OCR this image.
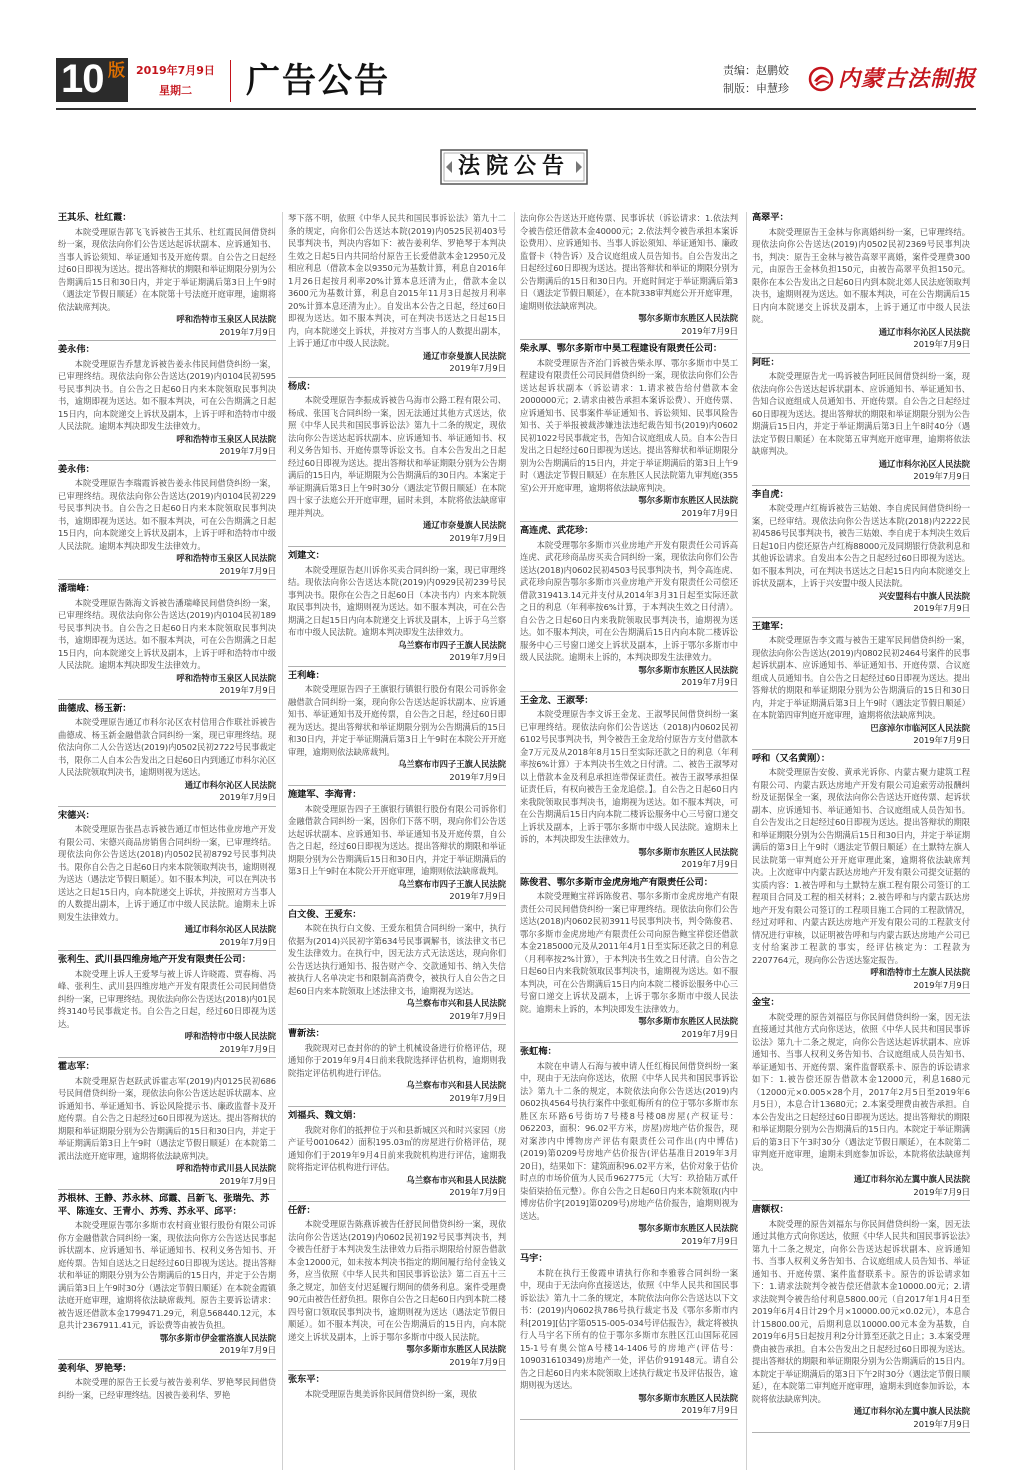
10 版 2019年7月9日
星期二 广告公告	责编：赵鹏姣
制版：申慧珍 内蒙古法制报
法院公告

王其乐、杜红霞：

本院受理原告郭飞飞诉被告王其乐、杜红霞民间借贷纠纷一案，现依法向你们公告送达起诉状副本、应诉通知书、当事人诉讼须知、举证通知书及开庭传票。自公告之日起经过60日即视为送达。提出答辩状的期限和举证期限分别为公告期满后15日和30日内，并定于举证期满后第3日上午9时（遇法定节假日顺延）在本院第十号法庭开庭审理，逾期将依法缺席判决。

呼和浩特市玉泉区人民法院

2019年7月9日

姜永伟：

本院受理原告乔慧龙诉被告姜永伟民间借贷纠纷一案，已审理终结。现依法向你公告送达(2019)内0104民初595号民事判决书。自公告之日起60日内来本院领取民事判决书，逾期即视为送达。如不服本判决，可在公告期满之日起15日内，向本院递交上诉状及副本，上诉于呼和浩特市中级人民法院。逾期本判决即发生法律效力。

呼和浩特市玉泉区人民法院

2019年7月9日

姜永伟：

本院受理原告李瑞霞诉被告姜永伟民间借贷纠纷一案，已审理终结。现依法向你公告送达(2019)内0104民初229号民事判决书。自公告之日起60日内来本院领取民事判决书，逾期即视为送达。如不服本判决，可在公告期满之日起15日内，向本院递交上诉状及副本，上诉于呼和浩特市中级人民法院。逾期本判决即发生法律效力。

呼和浩特市玉泉区人民法院

2019年7月9日

潘瑞峰：

本院受理原告陈海文诉被告潘瑞峰民间借贷纠纷一案，已审理终结。现依法向你公告送达(2019)内0104民初189号民事判决书。自公告之日起60日内来本院领取民事判决书，逾期即视为送达。如不服本判决，可在公告期满之日起15日内，向本院递交上诉状及副本，上诉于呼和浩特市中级人民法院。逾期本判决即发生法律效力。

呼和浩特市玉泉区人民法院

2019年7月9日

曲德成、杨玉新：

本院受理原告通辽市科尔沁区农村信用合作联社诉被告曲德成、杨玉新金融借款合同纠纷一案，现已审理终结。现依法向你二人公告送达(2019)内0502民初2722号民事裁定书，限你二人自本公告发出之日起60日内到通辽市科尔沁区人民法院领取判决书，逾期则视为送达。

通辽市科尔沁区人民法院

2019年7月9日

宋德兴：

本院受理原告张昌志诉被告通辽市恒达伟业房地产开发有限公司、宋德兴商品房销售合同纠纷一案，已审理终结。现依法向你公告送达(2018)内0502民初8792号民事判决书。限你自公告之日起60日内来本院领取判决书，逾期则视为送达（遇法定节假日顺延）。如不服本判决，可以在判决书送达之日起15日内，向本院递交上诉状，并按照对方当事人的人数提出副本，上诉于通辽市中级人民法院。逾期未上诉则发生法律效力。

通辽市科尔沁区人民法院

2019年7月9日

张利生、武川县四维房地产开发有限责任公司：

本院受理上诉人王爱琴与被上诉人许晓霞、贾春梅、冯峰、张利生、武川县四维房地产开发有限责任公司民间借贷纠纷一案，已审理终结。现依法向你公告送达(2018)内01民终3140号民事裁定书。自公告之日起，经过60日即视为送达。

呼和浩特市中级人民法院

2019年7月9日

霍志军：

本院受理原告赵跃武诉霍志军(2019)内0125民初686号民间借贷纠纷一案，现依法向你公告送达起诉状副本、应诉通知书、举证通知书、诉讼风险提示书、廉政监督卡及开庭传票。自公告之日起经过60日即视为送达。提出答辩状的期限和举证期限分别为公告期满后的15日和30日内，并定于举证期满后第3日上午9时（遇法定节假日顺延）在本院第二派出法庭开庭审理，逾期将依法缺席判决。

呼和浩特市武川县人民法院

2019年7月9日

苏根林、王静、苏永林、邱霞、吕新飞、张瑞先、苏平、陈连女、王青小、苏秀、苏永平、邱平：

本院受理原告鄂尔多斯市农村商业银行股份有限公司诉你方金融借款合同纠纷一案，现依法向你方公告送达民事起诉状副本、应诉通知书、举证通知书、权利义务告知书、开庭传票。告知自送达之日起经过60日即视为送达。提出答辩状和举证的期限分别为公告期满后的15日内，并定于公告期满后第3日上午9时30分（遇法定节假日顺延）在本院金霞镇法庭开庭审理，逾期将依法缺席裁判。原告主要诉讼请求：被告返还借款本金1799471.29元，利息568440.12元，本息共计2367911.41元，诉讼费等由被告负担。

鄂尔多斯市伊金霍洛旗人民法院

2019年7月9日

姜利华、罗艳琴：

本院受理的原告王长爱与被告姜利华、罗艳琴民间借贷纠纷一案，已经审理终结。因被告姜利华、罗艳

琴下落不明，依照《中华人民共和国民事诉讼法》第九十二条的规定，向你们公告送达本院(2019)内0525民初403号民事判决书，判决内容如下：被告姜利华、罗艳琴于本判决生效之日起5日内共同给付原告王长爱借款本金12950元及相应利息（借款本金以9350元为基数计算，利息自2016年1月26日起按月利率20%计算本息还清为止，借款本金以3600元为基数计算，利息自2015年11月3日起按月利率20%计算本息还清为止）。自发出本公告之日起，经过60日即视为送达。如不服本判决，可在判决书送达之日起15日内，向本院递交上诉状，并按对方当事人的人数提出副本，上诉于通辽市中级人民法院。

通辽市奈曼旗人民法院

2019年7月9日

杨成：

本院受理原告李振成诉被告乌海市公路工程有限公司、杨成、张国飞合同纠纷一案，因无法通过其他方式送达，依照《中华人民共和国民事诉讼法》第九十二条的规定，现依法向你公告送达起诉状副本、应诉通知书、举证通知书、权利义务告知书、开庭传票等诉讼文书。自本公告发出之日起经过60日即视为送达。提出答辩状和举证期限分别为公告期满后的15日内，举证期限为公告期满后的30日内。本案定于举证期满后第3日上午9时30分（遇法定节假日顺延）在本院四十家子法庭公开开庭审理，届时未到，本院将依法缺席审理并判决。

通辽市奈曼旗人民法院

2019年7月9日

刘建文：

本院受理原告赵川诉你买卖合同纠纷一案，现已审理终结。现依法向你公告送达本院(2019)内0929民初239号民事判决书。限你在公告之日起60日（本决书内）内来本院领取民事判决书，逾期则视为送达。如不服本判决，可在公告期满之日起15日内向本院递交上诉状及副本，上诉于乌兰察布市中级人民法院。逾期本判决即发生法律效力。

乌兰察布市四子王旗人民法院

2019年7月9日

王利峰：

本院受理原告四子王旗银行镇银行股份有限公司诉你金融借款合同纠纷一案，现向你公告送达起诉状副本、应诉通知书、举证通知书及开庭传票，自公告之日起，经过60日即视为送达。提出答辩状和举证期限分别为公告期满后的15日和30日内，并定于举证期满后第3日上午9时在本院公开开庭审理，逾期则依法缺席裁判。

乌兰察布市四子王旗人民法院

2019年7月9日

施建军、李海青：

本院受理原告四子王旗银行镇银行股份有限公司诉你们金融借款合同纠纷一案，因你们下落不明，现向你们公告送达起诉状副本、应诉通知书、举证通知书及开庭传票，自公告之日起，经过60日即视为送达。提出答辩状的期限和举证期限分别为公告期满后15日和30日内，并定于举证期满后的第3日上午9时在本院公开开庭审理，逾期则依法缺席裁判。

乌兰察布市四子王旗人民法院

2019年7月9日

白文俊、王爱东：

本院在执行白文俊、王爱东租赁合同纠纷一案中，执行依据为(2014)兴民初字第634号民事调解书，该法律文书已发生法律效力。在执行中，因无法方式无法送达，现向你们公告送达执行通知书、报告财产令、交款通知书、纳入失信被执行人名单决定书和限制高消费令，被执行人自公告之日起60日内来本院领取上述法律文书，逾期视为送达。

乌兰察布市兴和县人民法院

2019年7月9日

曹新法：

我院现对已查封你的的铲土机械设备进行价格评估，现通知你于2019年9月4日前来我院选择评估机构，逾期则我院指定评估机构进行评估。

乌兰察布市兴和县人民法院

2019年7月9日

刘福兵、魏文娟：

我院对你们的抵押位于兴和县新城区兴和时兴家园（房产证号0010642）面积195.03㎡的房屋进行价格评估，现通知你们于2019年9月4日前来我院机构进行评估，逾期我院将指定评估机构进行评估。

乌兰察布市兴和县人民法院

2019年7月9日

任舒：

本院受理原告陈燕诉被告任舒民间借贷纠纷一案，现依法向你公告送达(2019)内0602民初192号民事判决书，判令被告任舒于本判决发生法律效力后指示期限给付原告借款本金12000元，如未按本判决书指定的期间履行给付金钱义务，应当依照《中华人民共和国民事诉讼法》第二百五十三条之规定，加倍支付迟延履行期间的债务利息。案件受理费90元由被告任舒负担。限你自公告之日起60日内到本院二楼四号窗口领取民事判决书，逾期则视为送达（遇法定节假日顺延）。如不服本判决，可在公告期满后的15日内，向本院递交上诉状及副本，上诉于鄂尔多斯市中级人民法院。

鄂尔多斯市东胜区人民法院

2019年7月9日

张东平：

本院受理原告奥美诉你民间借贷纠纷一案，现依

法向你公告送达开庭传票、民事诉状（诉讼请求：1.依法判令被告偿还借款本金40000元；2.依法判令被告承担本案诉讼费用）、应诉通知书、当事人诉讼须知、举证通知书、廉政监督卡（特告诉）及合议庭组成人员告知书。自公告发出之日起经过60日即视为送达。提出答辩状和举证的期限分别为公告期满后的15日和30日内。开庭时间定于举证期满后第3日（遇法定节假日顺延），在本院338审判庭公开开庭审理，逾期则依法缺席判决。

鄂尔多斯市东胜区人民法院

2019年7月9日

柴永厚、鄂尔多斯市中昊工程建设有限责任公司：

本院受理原告齐治门诉被告柴永厚、鄂尔多斯市中昊工程建设有限责任公司民间借贷纠纷一案，现依法向你们公告送达起诉状副本（诉讼请求：1.请求被告给付借款本金2000000元；2.请求由被告承担本案诉讼费）、开庭传票、应诉通知书、民事案件举证通知书、诉讼须知、民事风险告知书、关于举报被裁涉嫌违法违纪裁告知书(2019)内0602民初1022号民事裁定书，告知合议庭组成人员。自本公告日发出之日起经过60日即视为送达。提出答辩状和举证期限分别为公告期满后的15日内，并定于举证期满后的第3日上午9时（遇法定节假日顺延）在东胜区人民法院第九审判庭(355室)公开开庭审理，逾期将依法缺席判决。

鄂尔多斯市东胜区人民法院

2019年7月9日

高连虎、武花珍：

本院受理鄂尔多斯市兴业房地产开发有限责任公司诉高连虎、武花珍商品房买卖合同纠纷一案，现依法向你们公告送达(2018)内0602民初4503号民事判决书，判令高连虎、武花珍向原告鄂尔多斯市兴业房地产开发有限责任公司偿还借款319413.14元并支付从2014年3月31日起至实际还款之日的利息（年利率按6%计算，于本判决生效之日付清）。自公告之日起60日内来我院领取民事判决书，逾期视为送达。如不服本判决，可在公告期满后15日内向本院二楼诉讼服务中心三号窗口递交上诉状及副本，上诉于鄂尔多斯市中级人民法院。逾期未上诉的，本判决即发生法律效力。

鄂尔多斯市东胜区人民法院

2019年7月9日

王金龙、王淑琴：

本院受理原告李文诉王金龙、王淑琴民间借贷纠纷一案已审理终结。现依法向你们公告送达（2018)内0602民初6102号民事判决书，判令被告王金龙给付原告方支付借款本金7万元及从2018年8月15日至实际还款之日的利息（年利率按6%计算）于本判决书生效之日付清。二、被告王淑琴对以上借款本金及利息承担连带保证责任。被告王淑琴承担保证责任后，有权向被告王金龙追偿。】。自公告之日起60日内来我院领取民事判决书，逾期视为送达。如不服本判决，可在公告期满后15日内向本院二楼诉讼服务中心三号窗口递交上诉状及副本，上诉于鄂尔多斯市中级人民法院。逾期未上诉的，本判决即发生法律效力。

鄂尔多斯市东胜区人民法院

2019年7月9日

陈俊君、鄂尔多斯市金虎房地产有限责任公司：

本院受理鲍宝祥诉陈俊君、鄂尔多斯市金虎房地产有限责任公司民间借贷纠纷一案已审理终结。现依法向你们公告送达(2018)内0602民初3911号民事判决书，判令陈俊君、鄂尔多斯市金虎房地产有限责任公司向原告鲍宝祥偿还借款本金2185000元及从2011年4月1日至实际还款之日的利息（月利率按2%计算），于本判决书生效之日付清。自公告之日起60日内来我院领取民事判决书，逾期视为送达。如不服本判决，可在公告期满后15日内向本院二楼诉讼服务中心三号窗口递交上诉状及副本，上诉于鄂尔多斯市中级人民法院。逾期未上诉的，本判决即发生法律效力。

鄂尔多斯市东胜区人民法院

2019年7月9日

张虹梅：

本院在申请人石海与被申请人任红梅民间借贷纠纷一案中，现由于无法向你送达，依照《中华人民共和国民事诉讼法》第九十二条的规定，本院依法向你公告送达(2019)内0602执4564号执行案件中张虹梅所有的位于鄂尔多斯市东胜区东环路6号街坊7号楼8号楼08房屋(产权证号：062203，面积：96.02平方米，房屋)房地产估价报告，现对案涉内中博物房产评估有限责任公司作出(内中博估)(2019)第0209号房地产估价报告(评估基准日2019年3月20日)，结果如下：建筑面积96.02平方米，估价对象于估价时点的市场价值为人民币962775元（大写：玖拾陆万贰仟柒佰柒拾伍元整）。你自公告之日起60日内来本院领取(内中博房估价字[2019]第0209号)房地产估价报告，逾期则视为送达。

鄂尔多斯市东胜区人民法院

2019年7月9日

马宇：

本院在执行王俊霞申请执行你和李雅蓉合同纠纷一案中，现由于无法向你直接送达，依照《中华人民共和国民事诉讼法》第九十二条的规定，本院依法向你公告送达以下文书：(2019)内0602执786号执行裁定书及《鄂尔多斯市内科[2019][估]字第0515-005-034号评估报告》，裁定将被执行人马宇名下所有的位于鄂尔多斯市东胜区江山国际花园15-1号有奥公馆A号楼14-1406号的房地产(评估号：109031610349)房地产一处，评估价919148元。请自公告之日起60日内来本院领取上述执行裁定书及评估报告，逾期则视为送达。

鄂尔多斯市东胜区人民法院

2019年7月9日

高翠平：

本院受理原告王金林与你离婚纠纷一案，已审理终结。现依法向你公告送达(2019)内0502民初2369号民事判决书，判决：原告王金林与被告高翠平离婚，案件受理费300元，由原告王金林负担150元，由被告高翠平负担150元。限你在本公告发出之日起60日内到本院北郊人民法庭领取判决书，逾期则视为送达。如不服本判决，可在公告期满后15日内向本院递交上诉状及副本，上诉于通辽市中级人民法院。

通辽市科尔沁区人民法院

2019年7月9日

阿旺：

本院受理原告尤一鸣诉被告阿旺民间借贷纠纷一案，现依法向你公告送达起诉状副本、应诉通知书、举证通知书、告知合议庭组成人员通知书、开庭传票。自公告之日起经过60日即视为送达。提出答辩状的期限和举证期限分别为公告期满后15日内，并定于举证期满后第3日上午8时40分（遇法定节假日顺延）在本院第五审判庭开庭审理，逾期将依法缺席判决。

通辽市科尔沁区人民法院

2019年7月9日

李自虎：

本院受理卢红梅诉被告三姑娘、李自虎民间借贷纠纷一案，已经审结。现依法向你公告送达本院(2018)内2222民初4586号民事判决书，被告三姑娘、李自虎于本判决生效后日起10日内偿还原告卢红梅88000元及同期银行贷款利息和其他诉讼请求。自发出本公告之日起经过60日即视为送达。如不服本判决，可在判决书送达之日起15日内向本院递交上诉状及副本，上诉于兴安盟中级人民法院。

兴安盟科右中旗人民法院

2019年7月9日

王建军：

本院受理原告李文霞与被告王建军民间借贷纠纷一案，现依法向你公告送达(2019)内0802民初2464号案件的民事起诉状副本、应诉通知书、举证通知书、开庭传票、合议庭组成人员通知书。自公告之日起经过60日即视为送达。提出答辩状的期限和举证期限分别为公告期满后的15日和30日内，并定于举证期满后第3日上午9时（遇法定节假日顺延）在本院第四审判庭开庭审理，逾期将依法缺席判决。

巴彦淖尔市临河区人民法院

2019年7月9日

呼和（又名黄刚）：

本院受理原告安俊、黄承光诉你、内蒙古聚力建筑工程有限公司、内蒙古跃达房地产开发有限公司追索劳动报酬纠纷及证据保全一案，现依法向你公告送达开庭传票、起诉状副本、应诉通知书、举证通知书、合议庭组成人员告知书。自公告发出之日起经过60日即视为送达。提出答辩状的期限和举证期限分别为公告期满后15日和30日内，并定于举证期满后的第3日上午9时（遇法定节假日顺延）在土默特左旗人民法院第一审判庭公开开庭审理此案，逾期将依法缺席判决。上次庭审中内蒙古跃达房地产开发有限公司提交证据的实质内容：1.被告呼和与土默特左旗工程有限公司签订的工程项目合同及工程的相关材料；2.被告呼和与内蒙古跃达房地产开发有限公司签订的工程项目施工合同的工程款情况，经过对呼和、内蒙古跃达房地产开发有限公司的工程款支付情况进行审核，以证明被告呼和与内蒙古跃达房地产公司已支付给案涉工程款的事实，经评估核定为：工程款为2207764元，现向你公告送达鉴定报告。

呼和浩特市土左旗人民法院

2019年7月9日

金宝：

本院受理的原告刘福臣与你民间借贷纠纷一案，因无法直接通过其他方式向你送达，依照《中华人民共和国民事诉讼法》第九十二条之规定，向你公告送达起诉状副本、应诉通知书、当事人权利义务告知书、合议庭组成人员告知书、举证通知书、开庭传票、案件监督联系卡、原告的诉讼请求如下：1.被告偿还原告借款本金12000元，利息1680元（12000元×0.005×28个月，2017年2月5日至2019年6月5日），本息合计13680元；2.本案受理费由被告承担。自本公告发出之日起经过60日即视为送达。提出答辩状的期限和举证期限分别为公告期满后的15日内。本院定于举证期满后的第3日下午3时30分（遇法定节假日顺延），在本院第二审判庭开庭审理，逾期未到庭参加诉讼，本院将依法缺席判决。

通辽市科尔沁左翼中旗人民法院

2019年7月9日

唐额权：

本院受理的原告刘福东与你民间借贷纠纷一案，因无法通过其他方式向你送达，依照《中华人民共和国民事诉讼法》第九十二条之规定，向你公告送达起诉状副本、应诉通知书、当事人权利义务告知书、合议庭组成人员告知书、举证通知书、开庭传票、案件监督联系卡。原告的诉讼请求如下：1.请求法院判令被告偿还借款本金10000.00元；2.请求法院判令被告给付利息5800.00元（自2017年1月4日至2019年6月4日计29个月×10000.00元×0.02元），本息合计15800.00元，后期利息以10000.00元本金为基数，自2019年6月5日起按月利2分计算至还款之日止；3.本案受理费由被告承担。自本公告发出之日起经过60日即视为送达。提出答辩状的期限和举证期限分别为公告期满后的15日内。本院定于举证期满后的第3日下午2时30分（遇法定节假日顺延），在本院第二审判庭开庭审理，逾期未到庭参加诉讼，本院将依法缺席判决。

通辽市科尔沁左翼中旗人民法院

2019年7月9日
